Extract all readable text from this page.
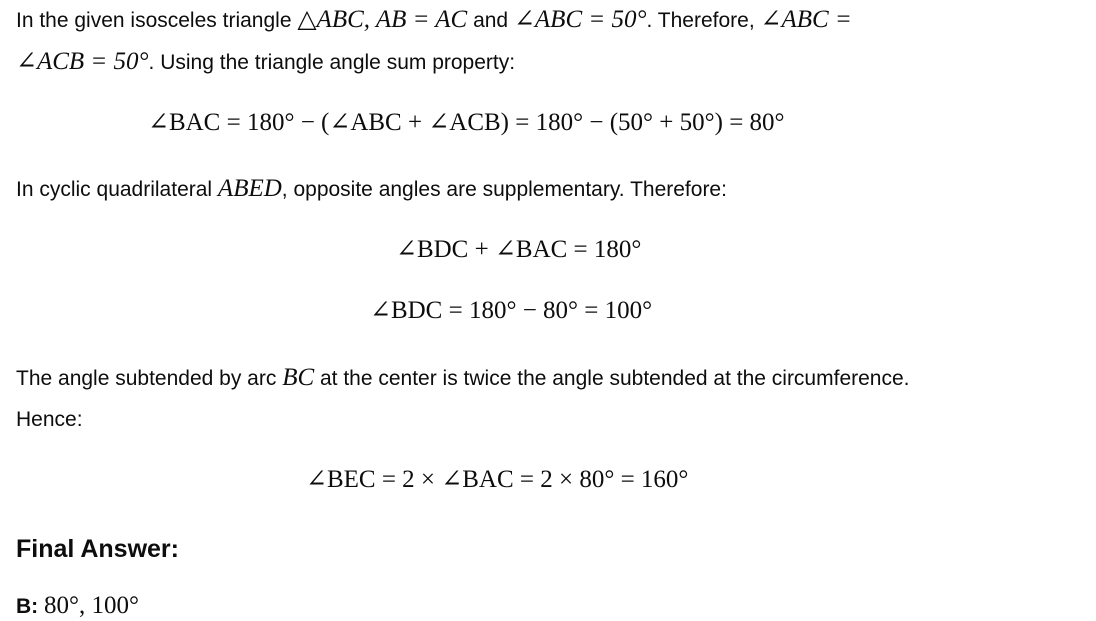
In the given isosceles triangle △ABC, AB = AC and ∠ABC = 50°. Therefore, ∠ABC =
∠ACB = 50°. Using the triangle angle sum property:
∠BAC = 180° − (∠ABC + ∠ACB) = 180° − (50° + 50°) = 80°
In cyclic quadrilateral ABED, opposite angles are supplementary. Therefore:
∠BDC + ∠BAC = 180°
∠BDC = 180° − 80° = 100°
The angle subtended by arc BC at the center is twice the angle subtended at the circumference.
Hence:
∠BEC = 2 × ∠BAC = 2 × 80° = 160°
Final Answer:
B: 80°, 100°
